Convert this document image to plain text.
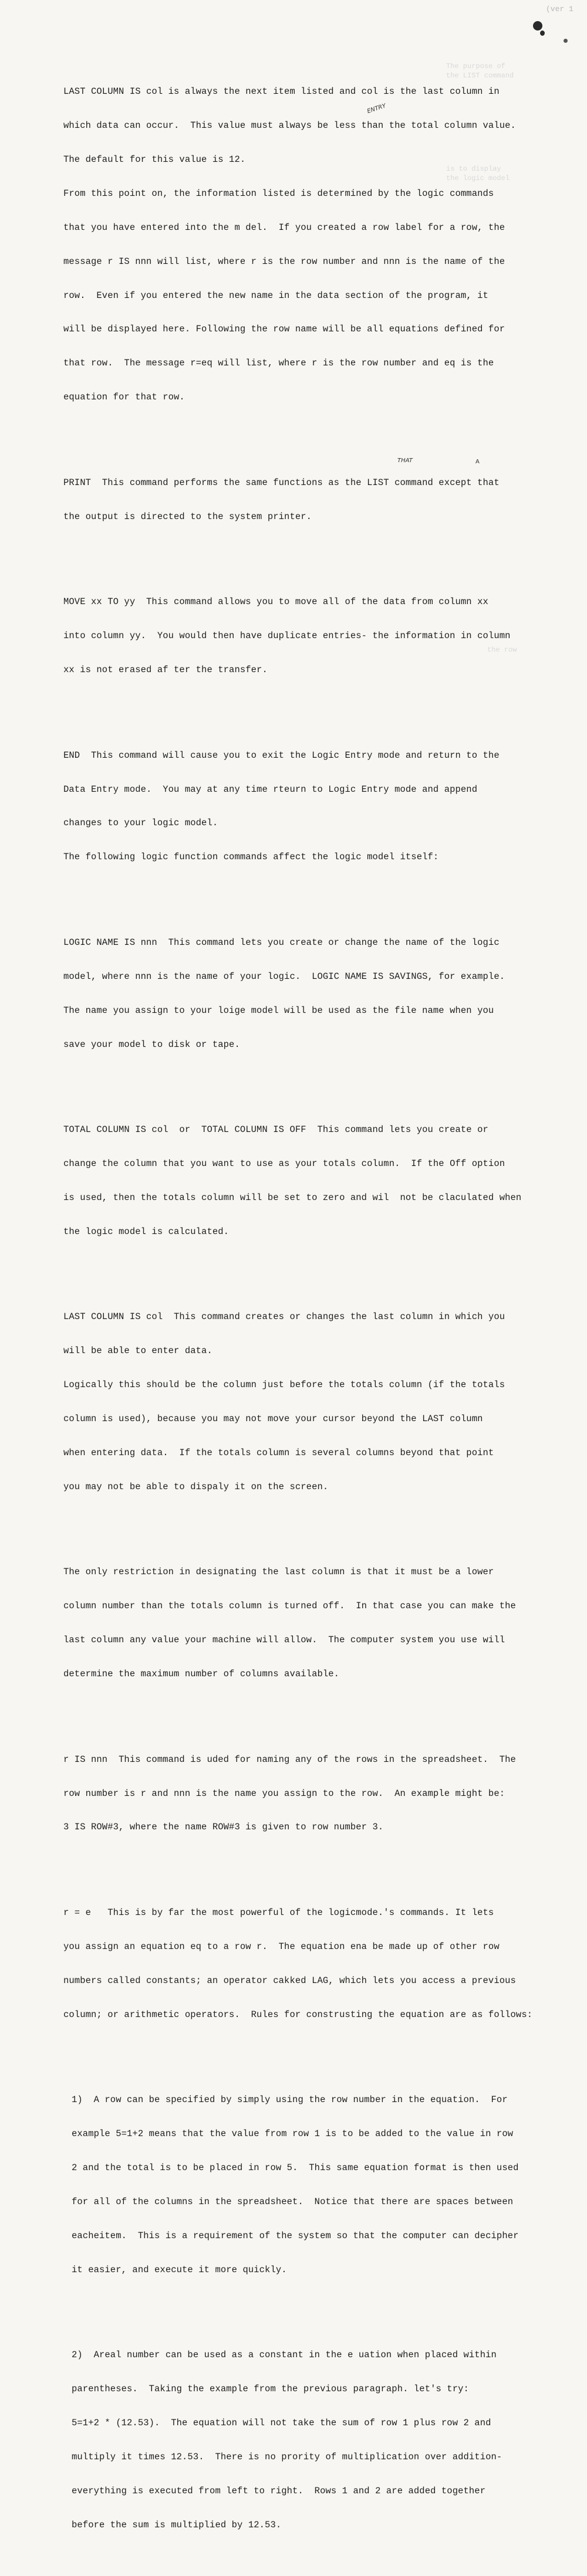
(ver 1
The purpose of
the LIST command
is to display
the logic model
the row

LAST COLUMN IS col is always the next item listed and col is the last column in

which data can occur.  This value must always be less than the total column value.

The default for this value is 12.

From this point on, the information listed is determined by the logic commands

that you have entered into the m del.  If you created a row label for a row, the

message r IS nnn will list, where r is the row number and nnn is the name of the

row.  Even if you entered the new name in the data section of the program, it

will be displayed here. Following the row name will be all equations defined for

that row.  The message r=eq will list, where r is the row number and eq is the

equation for that row.

PRINT  This command performs the same functions as the LIST command except that

the output is directed to the system printer.

MOVE xx TO yy  This command allows you to move all of the data from column xx

into column yy.  You would then have duplicate entries- the information in column

xx is not erased af ter the transfer.

END  This command will cause you to exit the Logic Entry mode and return to the

Data Entry mode.  You may at any time rteurn to Logic Entry mode and append

changes to your logic model.

The following logic function commands affect the logic model itself:

LOGIC NAME IS nnn  This command lets you create or change the name of the logic

model, where nnn is the name of your logic.  LOGIC NAME IS SAVINGS, for example.

The name you assign to your loige model will be used as the file name when you

save your model to disk or tape.

TOTAL COLUMN IS col  or  TOTAL COLUMN IS OFF  This command lets you create or

change the column that you want to use as your totals column.  If the Off option

is used, then the totals column will be set to zero and wil  not be claculated when

the logic model is calculated.

LAST COLUMN IS col  This command creates or changes the last column in which you

will be able to enter data.

Logically this should be the column just before the totals column (if the totals

column is used), because you may not move your cursor beyond the LAST column

when entering data.  If the totals column is several columns beyond that point

you may not be able to dispaly it on the screen.

The only restriction in designating the last column is that it must be a lower

column number than the totals column is turned off.  In that case you can make the

last column any value your machine will allow.  The computer system you use will

determine the maximum number of columns available.

r IS nnn  This command is uded for naming any of the rows in the spreadsheet.  The

row number is r and nnn is the name you assign to the row.  An example might be:

3 IS ROW#3, where the name ROW#3 is given to row number 3.

r = e   This is by far the most powerful of the logicmode.'s commands. It lets

you assign an equation eq to a row r.  The equation ena be made up of other row

numbers called constants; an operator cakked LAG, which lets you access a previous

column; or arithmetic operators.  Rules for construsting the equation are as follows:

1)  A row can be specified by simply using the row number in the equation.  For

example 5=1+2 means that the value from row 1 is to be added to the value in row

2 and the total is to be placed in row 5.  This same equation format is then used

for all of the columns in the spreadsheet.  Notice that there are spaces between

eacheitem.  This is a requirement of the system so that the computer can decipher

it easier, and execute it more quickly.

2)  Areal number can be used as a constant in the e uation when placed within

parentheses.  Taking the example from the previous paragraph. let's try:

5=1+2 * (12.53).  The equation will not take the sum of row 1 plus row 2 and

multiply it times 12.53.  There is no prority of multiplication over addition-

everything is executed from left to right.  Rows 1 and 2 are added together

before the sum is multiplied by 12.53.

ENTRY
THAT	A
